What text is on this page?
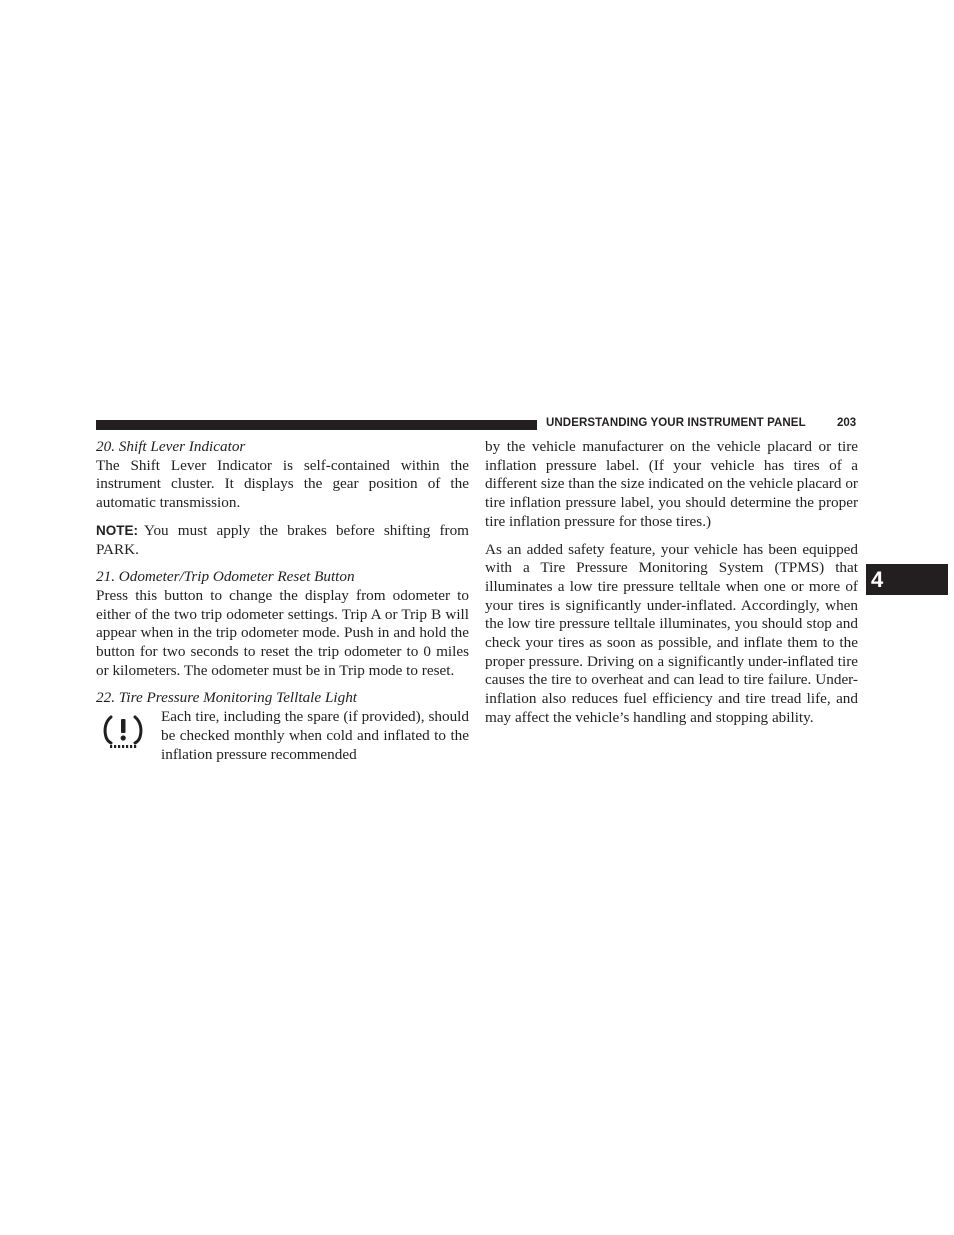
UNDERSTANDING YOUR INSTRUMENT PANEL	203
4

20. Shift Lever Indicator

The Shift Lever Indicator is self-contained within the instrument cluster. It displays the gear position of the automatic transmission.

NOTE: You must apply the brakes before shifting from PARK.

21. Odometer/Trip Odometer Reset Button

Press this button to change the display from odometer to either of the two trip odometer settings. Trip A or Trip B will appear when in the trip odometer mode. Push in and hold the button for two seconds to reset the trip odometer to 0 miles or kilometers. The odometer must be in Trip mode to reset.

22. Tire Pressure Monitoring Telltale Light

Each tire, including the spare (if provided), should be checked monthly when cold and inflated to the inflation pressure recommended

by the vehicle manufacturer on the vehicle placard or tire inflation pressure label. (If your vehicle has tires of a different size than the size indicated on the vehicle placard or tire inflation pressure label, you should determine the proper tire inflation pressure for those tires.)

As an added safety feature, your vehicle has been equipped with a Tire Pressure Monitoring System (TPMS) that illuminates a low tire pressure telltale when one or more of your tires is significantly under-inflated. Accordingly, when the low tire pressure telltale illuminates, you should stop and check your tires as soon as possible, and inflate them to the proper pressure. Driving on a significantly under-inflated tire causes the tire to overheat and can lead to tire failure. Under-inflation also reduces fuel efficiency and tire tread life, and may affect the vehicle’s handling and stopping ability.
